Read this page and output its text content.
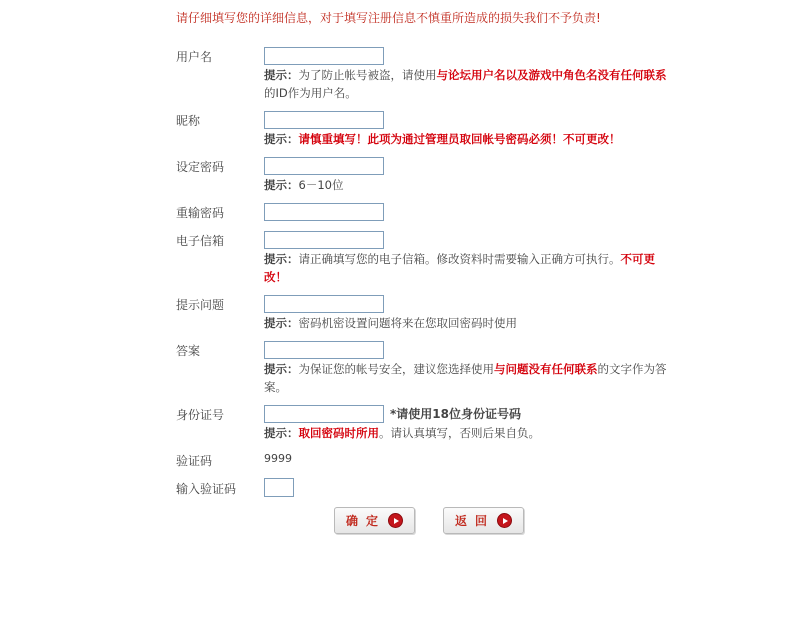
请仔细填写您的详细信息，对于填写注册信息不慎重所造成的损失我们不予负责!
用户名
提示：为了防止帐号被盗，请使用与论坛用户名以及游戏中角色名没有任何联系的ID作为用户名。
昵称
提示：请慎重填写！此项为通过管理员取回帐号密码必须！不可更改！
设定密码
提示：6－10位
重输密码
电子信箱
提示：请正确填写您的电子信箱。修改资料时需要输入正确方可执行。不可更改！
提示问题
提示：密码机密设置问题将来在您取回密码时使用
答案
提示：为保证您的帐号安全，建议您选择使用与问题没有任何联系的文字作为答案。
身份证号	*请使用18位身份证号码
提示：取回密码时所用。请认真填写，否则后果自负。
验证码	9999
输入验证码
确定	返回
